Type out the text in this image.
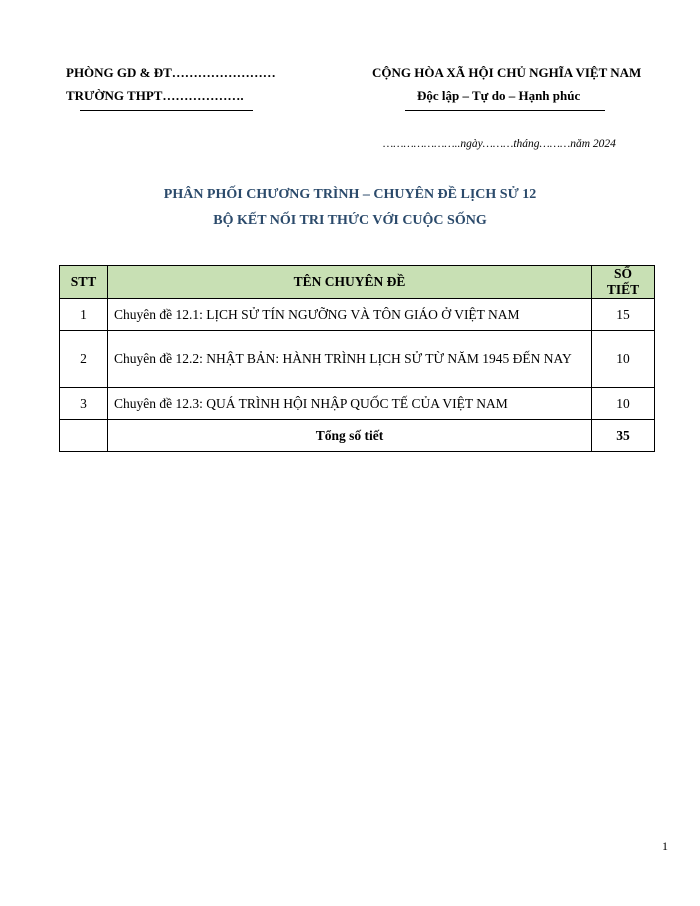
PHÒNG GD & ĐT……………………
TRƯỜNG THPT……………….
CỘNG HÒA XÃ HỘI CHỦ NGHĨA VIỆT NAM
Độc lập – Tự do – Hạnh phúc
…………………..ngày………tháng………năm 2024
PHÂN PHỐI CHƯƠNG TRÌNH – CHUYÊN ĐỀ LỊCH SỬ 12
BỘ KẾT NỐI TRI THỨC VỚI CUỘC SỐNG
STT	TÊN CHUYÊN ĐỀ	SỐ TIẾT
1	Chuyên đề 12.1: LỊCH SỬ TÍN NGƯỠNG VÀ TÔN GIÁO Ở VIỆT NAM	15
2	Chuyên đề 12.2: NHẬT BẢN: HÀNH TRÌNH LỊCH SỬ TỪ NĂM 1945 ĐẾN NAY	10
3	Chuyên đề 12.3: QUÁ TRÌNH HỘI NHẬP QUỐC TẾ CỦA VIỆT NAM	10
	Tổng số tiết	35
1
